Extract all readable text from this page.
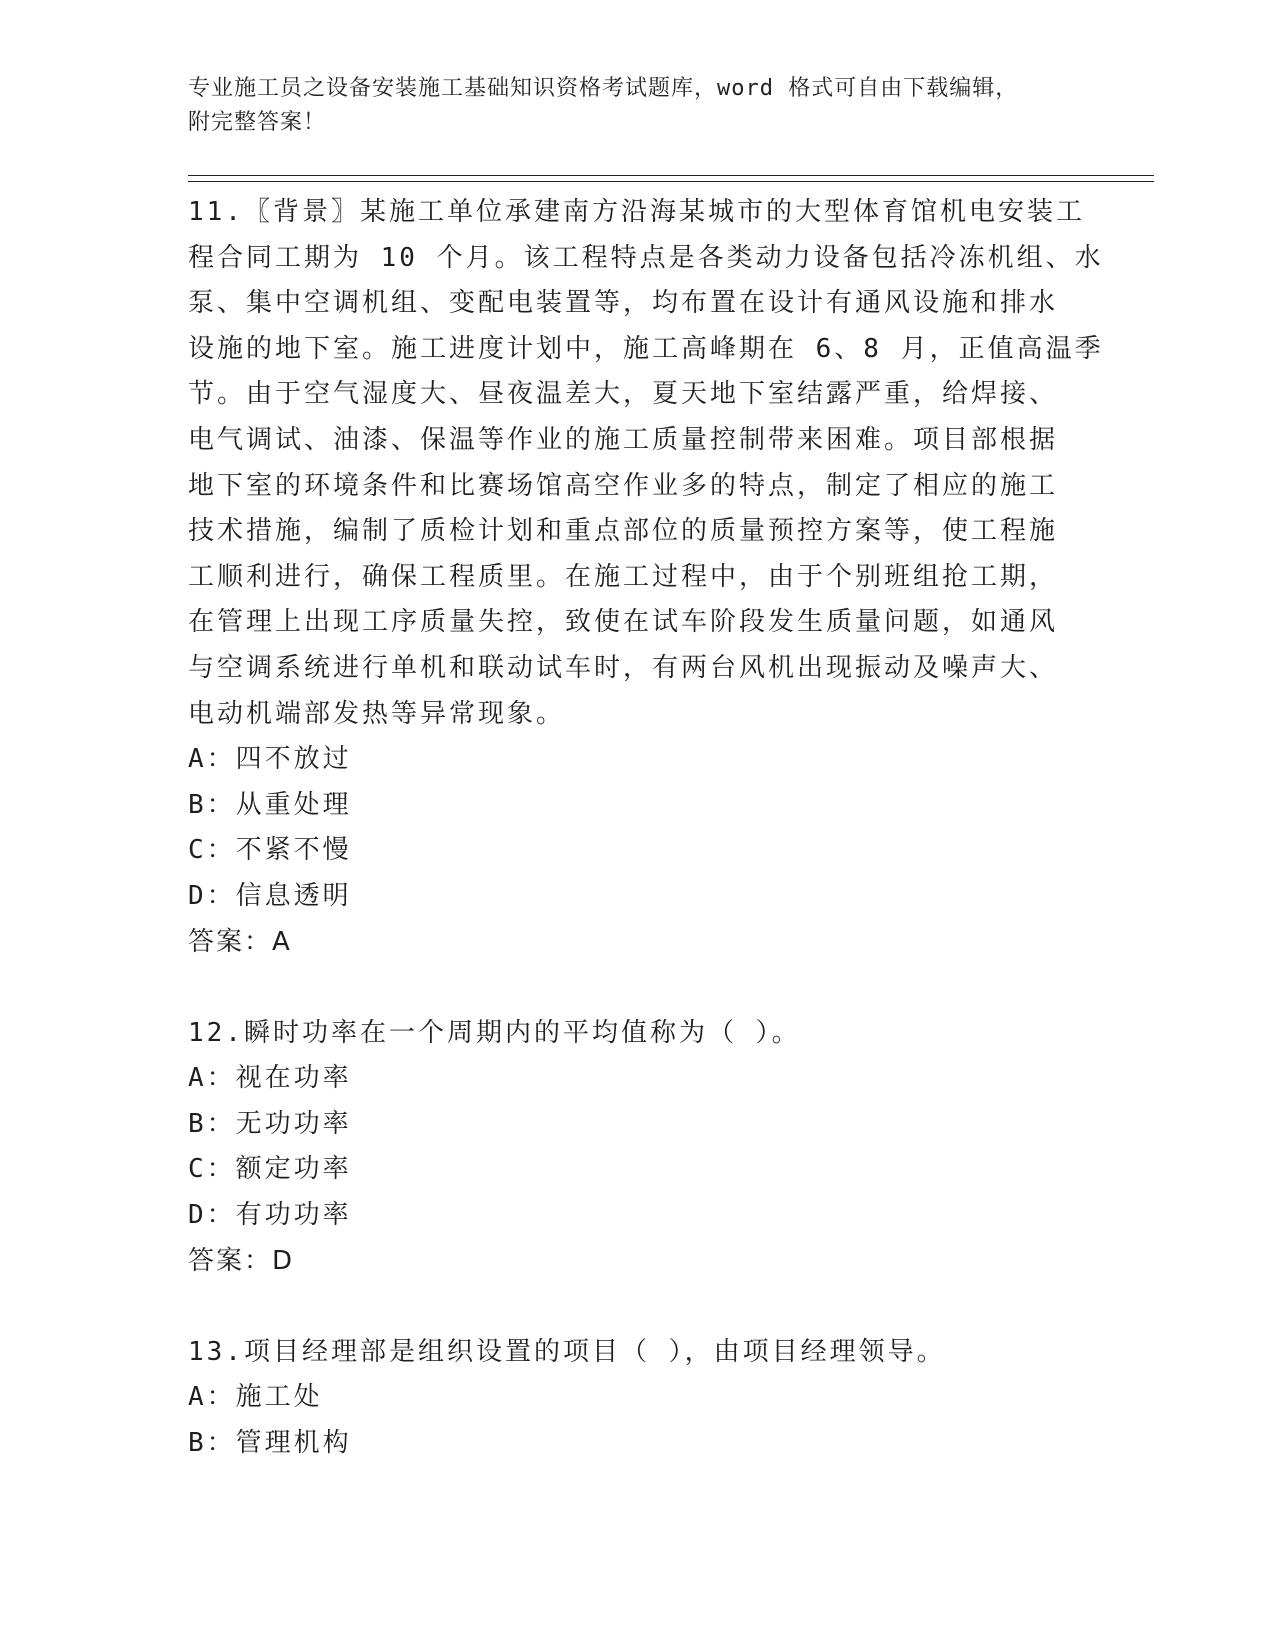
专业施工员之设备安装施工基础知识资格考试题库，word 格式可自由下载编辑，
附完整答案！
11.〖背景〗某施工单位承建南方沿海某城市的大型体育馆机电安装工
程合同工期为 10 个月。该工程特点是各类动力设备包括冷冻机组、水
泵、集中空调机组、变配电装置等，均布置在设计有通风设施和排水
设施的地下室。施工进度计划中，施工高峰期在 6、8 月，正值高温季
节。由于空气湿度大、昼夜温差大，夏天地下室结露严重，给焊接、
电气调试、油漆、保温等作业的施工质量控制带来困难。项目部根据
地下室的环境条件和比赛场馆高空作业多的特点，制定了相应的施工
技术措施，编制了质检计划和重点部位的质量预控方案等，使工程施
工顺利进行，确保工程质里。在施工过程中，由于个别班组抢工期，
在管理上出现工序质量失控，致使在试车阶段发生质量问题，如通风
与空调系统进行单机和联动试车时，有两台风机出现振动及噪声大、
电动机端部发热等异常现象。
A：四不放过
B：从重处理
C：不紧不慢
D：信息透明
答案：A
12.瞬时功率在一个周期内的平均值称为（ ）。
A：视在功率
B：无功功率
C：额定功率
D：有功功率
答案：D
13.项目经理部是组织设置的项目（ ），由项目经理领导。
A：施工处
B：管理机构
